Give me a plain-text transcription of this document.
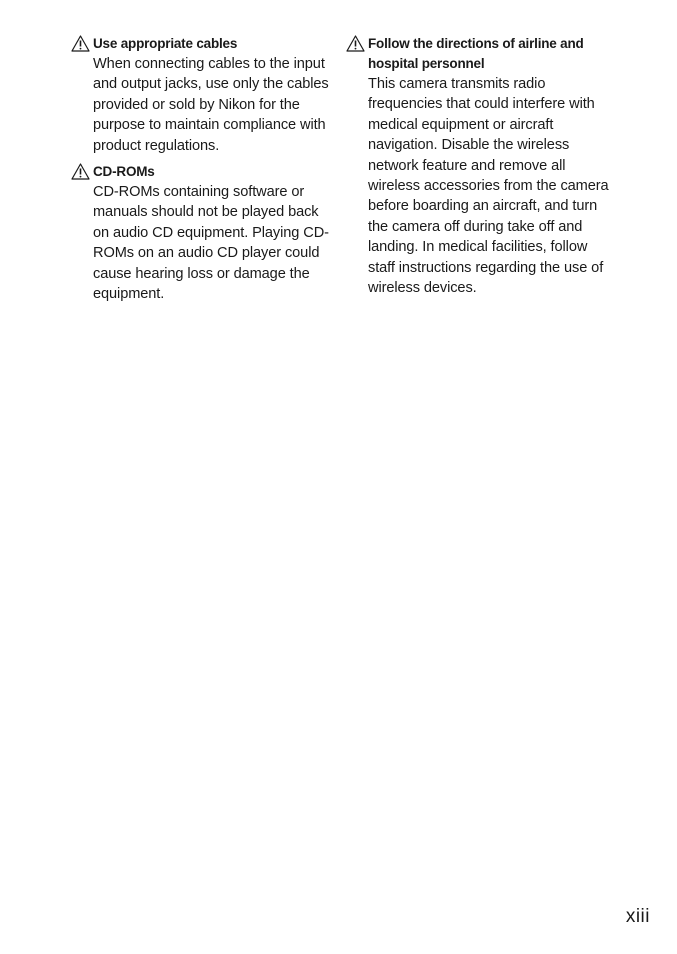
Use appropriate cables
When connecting cables to the input and output jacks, use only the cables provided or sold by Nikon for the purpose to maintain compliance with product regulations.
CD-ROMs
CD-ROMs containing software or manuals should not be played back on audio CD equipment. Playing CD-ROMs on an audio CD player could cause hearing loss or damage the equipment.
Follow the directions of airline and hospital personnel
This camera transmits radio frequencies that could interfere with medical equipment or aircraft navigation. Disable the wireless network feature and remove all wireless accessories from the camera before boarding an aircraft, and turn the camera off during take off and landing. In medical facilities, follow staff instructions regarding the use of wireless devices.
xiii
